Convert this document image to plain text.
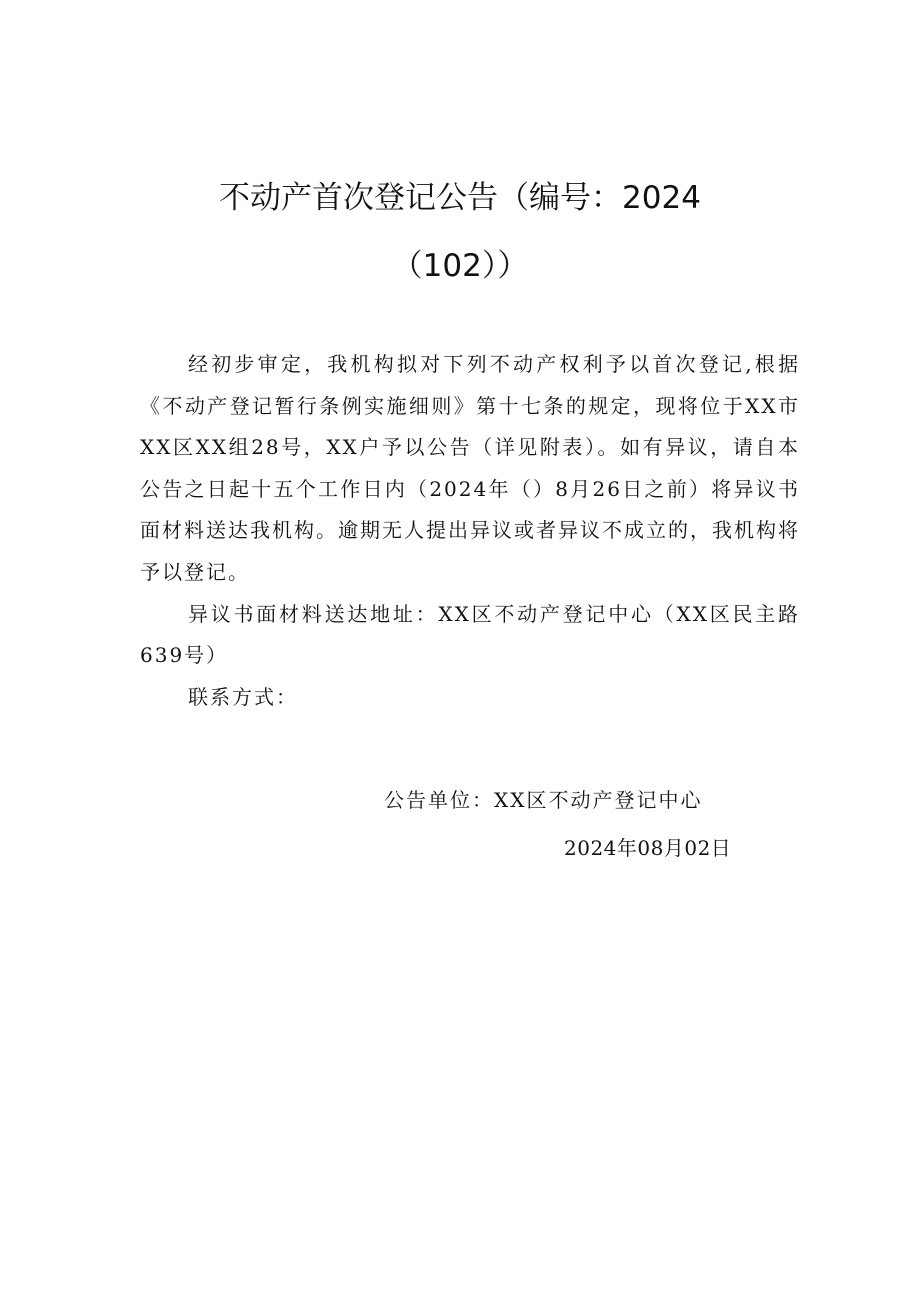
不动产首次登记公告（编号：2024
（102））

经初步审定，我机构拟对下列不动产权利予以首次登记,根据《不动产登记暂行条例实施细则》第十七条的规定，现将位于XX市XX区XX组28号，XX户予以公告（详见附表）。如有异议，请自本公告之日起十五个工作日内（2024年（）8月26日之前）将异议书面材料送达我机构。逾期无人提出异议或者异议不成立的，我机构将予以登记。

异议书面材料送达地址：XX区不动产登记中心（XX区民主路639号）

联系方式：

公告单位：XX区不动产登记中心
2024年08月02日
